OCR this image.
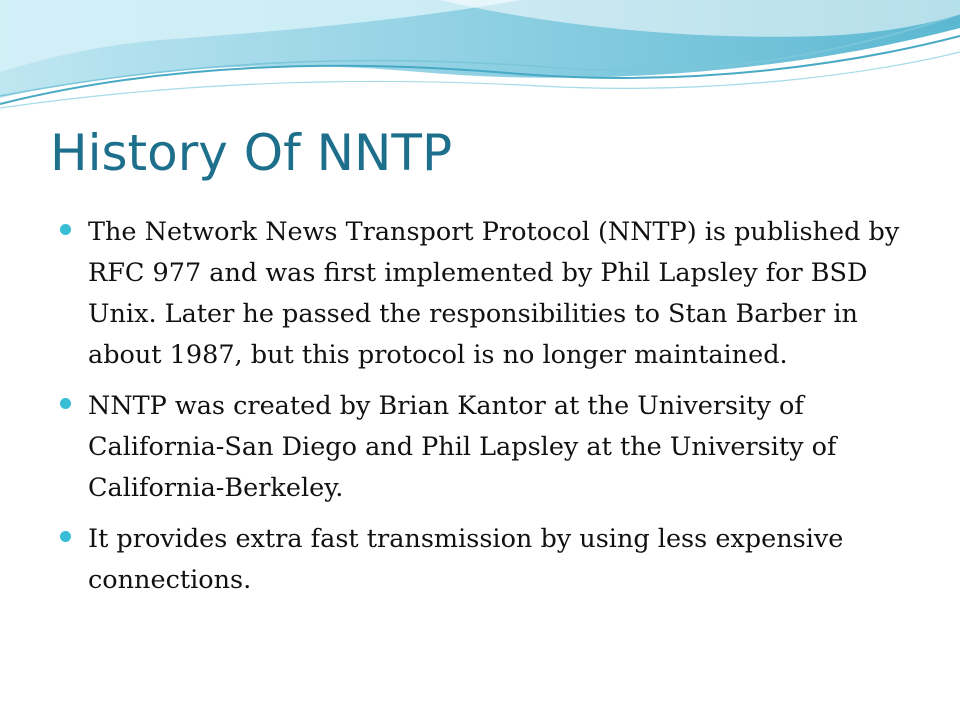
History Of NNTP
The Network News Transport Protocol (NNTP) is published by RFC 977 and was first implemented by Phil Lapsley for BSD Unix. Later he passed the responsibilities to Stan Barber in about 1987, but this protocol is no longer maintained.
NNTP was created by Brian Kantor at the University of California-San Diego and Phil Lapsley at the University of California-Berkeley.
It provides extra fast transmission by using less expensive connections.
